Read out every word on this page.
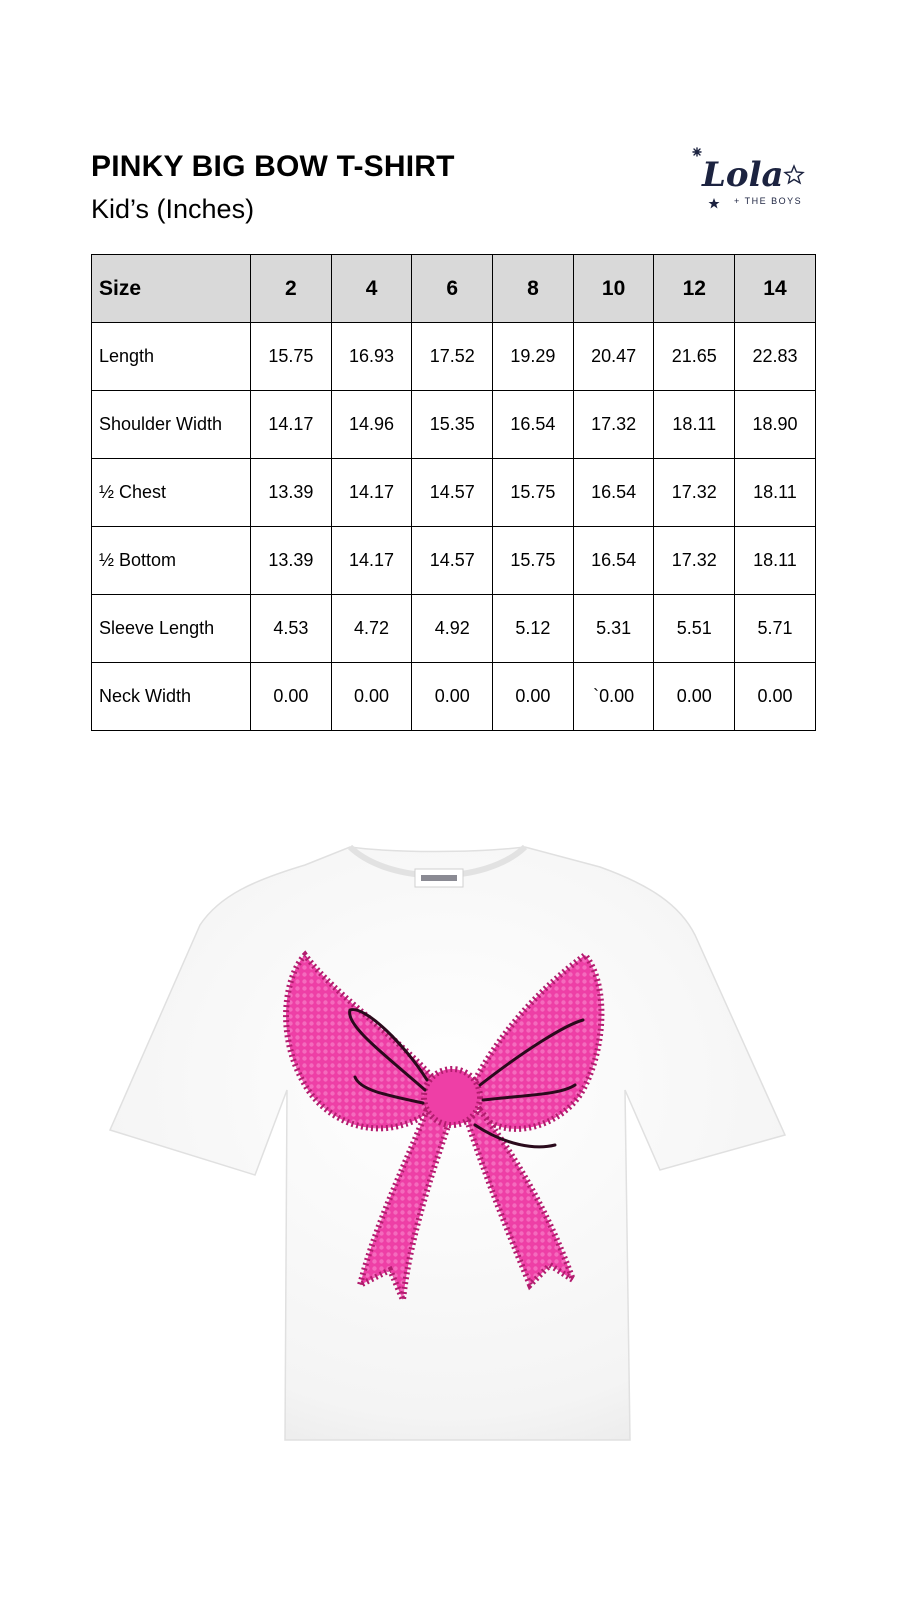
PINKY BIG BOW T-SHIRT
Kid’s (Inches)
Lola
+ THE BOYS
Size	2	4	6	8	10	12	14
Length	15.75	16.93	17.52	19.29	20.47	21.65	22.83
Shoulder Width	14.17	14.96	15.35	16.54	17.32	18.11	18.90
½ Chest	13.39	14.17	14.57	15.75	16.54	17.32	18.11
½ Bottom	13.39	14.17	14.57	15.75	16.54	17.32	18.11
Sleeve Length	4.53	4.72	4.92	5.12	5.31	5.51	5.71
Neck Width	0.00	0.00	0.00	0.00	`0.00	0.00	0.00
